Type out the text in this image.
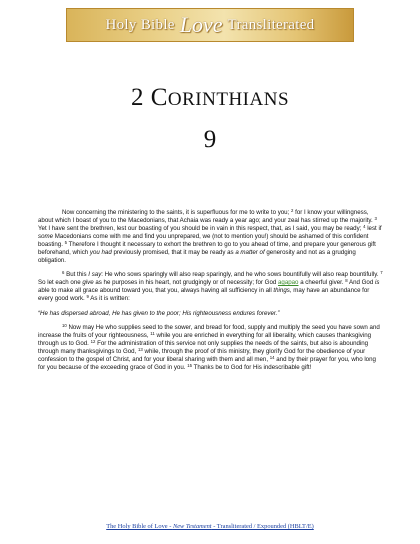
Holy Bible Love Transliterated
2 CORINTHIANS
9

Now concerning the ministering to the saints, it is superfluous for me to write to you; $^2$ for I know your willingness, about which I boast of you to the Macedonians, that Achaia was ready a year ago; and your zeal has stirred up the majority. $^3$ Yet I have sent the brethren, lest our boasting of you should be in vain in this respect, that, as I said, you may be ready; $^4$ lest if some Macedonians come with me and find you unprepared, we (not to mention you!) should be ashamed of this confident boasting. $^5$ Therefore I thought it necessary to exhort the brethren to go to you ahead of time, and prepare your generous gift beforehand, which you had previously promised, that it may be ready as a matter of generosity and not as a grudging obligation.

$^6$ But this I say: He who sows sparingly will also reap sparingly, and he who sows bountifully will also reap bountifully. $^7$ So let each one give as he purposes in his heart, not grudgingly or of necessity; for God agapao a cheerful giver. $^8$ And God is able to make all grace abound toward you, that you, always having all sufficiency in all things, may have an abundance for every good work. $^9$ As it is written:

“He has dispersed abroad, He has given to the poor; His righteousness endures forever.”

$^{10}$ Now may He who supplies seed to the sower, and bread for food, supply and multiply the seed you have sown and increase the fruits of your righteousness, $^{11}$ while you are enriched in everything for all liberality, which causes thanksgiving through us to God. $^{12}$ For the administration of this service not only supplies the needs of the saints, but also is abounding through many thanksgivings to God, $^{13}$ while, through the proof of this ministry, they glorify God for the obedience of your confession to the gospel of Christ, and for your liberal sharing with them and all men, $^{14}$ and by their prayer for you, who long for you because of the exceeding grace of God in you. $^{15}$ Thanks be to God for His indescribable gift!

The Holy Bible of Love - New Testament - Transliterated / Expounded (HBLT/E)
